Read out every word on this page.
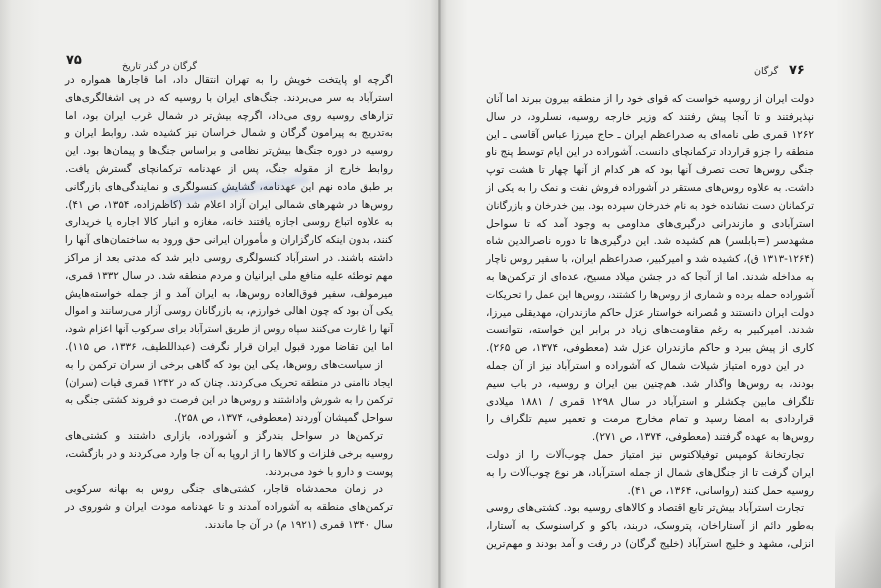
۷۵	گرگان در گذر تاریخ
اگرچه او پایتخت خویش را به تهران انتقال داد، اما قاجارها همواره در
استرآباد به سر می‌بردند. جنگ‌های ایران با روسیه که در پی اشغالگری‌های
تزارهای روسیه روی می‌داد، اگرچه بیش‌تر در شمال غرب ایران بود، اما
به‌تدریج به پیرامون گرگان و شمال خراسان نیز کشیده شد. روابط ایران و
روسیه در دوره جنگ‌ها بیش‌تر نظامی و براساس جنگ‌ها و پیمان‌ها بود. این
روابط خارج از مقوله جنگ، پس از عهدنامه ترکمانچای گسترش یافت.
بر طبق ماده نهم این عهدنامه، گشایش کنسولگری و نمایندگی‌های بازرگانی
روس‌ها در شهرهای شمالی ایران آزاد اعلام شد (کاظم‌زاده، ۱۳۵۴، ص ۴۱).
به علاوه اتباع روسی اجازه یافتند خانه، مغازه و انبار کالا اجاره یا خریداری
کنند، بدون اینکه کارگزاران و مأموران ایرانی حق ورود به ساختمان‌های آنها را
داشته باشند. در استرآباد کنسولگری روسی دایر شد که مدتی بعد از مراکز
مهم توطئه علیه منافع ملی ایرانیان و مردم منطقه شد. در سال ۱۳۳۲ قمری،
میرمولف، سفیر فوق‌العاده روس‌ها، به ایران آمد و از جمله خواسته‌هایش
یکی آن بود که چون اهالی خوارزم، به بازرگانان روسی آزار می‌رسانند و اموال
آنها را غارت می‌کنند سپاه روس از طریق استرآباد برای سرکوب آنها اعزام شود،
اما این تقاضا مورد قبول ایران قرار نگرفت (عبداللطیف، ۱۳۳۶، ص ۱۱۵).
از سیاست‌های روس‌ها، یکی این بود که گاهی برخی از سران ترکمن را به
ایجاد ناامنی در منطقه تحریک می‌کردند. چنان که در ۱۲۴۲ قمری قیات (سران)
ترکمن را به شورش واداشتند و روس‌ها در این فرصت دو فروند کشتی جنگی به
سواحل گمیشان آوردند (معطوفی، ۱۳۷۴، ص ۲۵۸).
ترکمن‌ها در سواحل بندرگز و آشوراده، بازاری داشتند و کشتی‌های
روسیه برخی فلزات و کالاها را از اروپا به آن جا وارد می‌کردند و در بازگشت،
پوست و دارو با خود می‌بردند.
در زمان محمدشاه قاجار، کشتی‌های جنگی روس به بهانه سرکوبی
ترکمن‌های منطقه به آشوراده آمدند و تا عهدنامه مودت ایران و شوروی در
سال ۱۳۴۰ قمری (۱۹۲۱ م) در آن جا ماندند.
۷۶
گرگان
دولت ایران از روسیه خواست که قوای خود را از منطقه بیرون ببرند اما آنان
نپذیرفتند و تا آنجا پیش رفتند که وزیر خارجه روسیه، نسلرود، در سال
۱۲۶۲ قمری طی نامه‌ای به صدراعظم ایران ـ حاج میرزا عباس آقاسی ـ این
منطقه را جزو قرارداد ترکمانچای دانست. آشوراده در این ایام توسط پنج ناو
جنگی روس‌ها تحت تصرف آنها بود که هر کدام از آنها چهار تا هشت توپ
داشت. به علاوه روس‌های مستقر در آشوراده فروش نفت و نمک را به یکی از
ترکمانان دست نشانده خود به نام خدرخان سپرده بود. بین خدرخان و بازرگانان
استرآبادی و مازندرانی درگیری‌های مداومی به وجود آمد که تا سواحل
مشهدسر (=بابلسر) هم کشیده شد. این درگیری‌ها تا دوره ناصرالدین شاه
(۱۳۱۳-۱۲۶۴ ق)، کشیده شد و امیرکبیر، صدراعظم ایران، با سفیر روس ناچار
به مداخله شدند. اما از آنجا که در جشن میلاد مسیح، عده‌ای از ترکمن‌ها به
آشوراده حمله برده و شماری از روس‌ها را کشتند، روس‌ها این عمل را تحریکات
دولت ایران دانستند و مُصرانه خواستار عزل حاکم مازندران، مهدیقلی میرزا،
شدند. امیرکبیر به رغم مقاومت‌های زیاد در برابر این خواسته، نتوانست
کاری از پیش ببرد و حاکم مازندران عزل شد (معطوفی، ۱۳۷۴، ص ۲۶۵).
در این دوره امتیاز شیلات شمال که آشوراده و استرآباد نیز از آن جمله
بودند، به روس‌ها واگذار شد. هم‌چنین بین ایران و روسیه، در باب سیم
تلگراف مابین چکشلر و استرآباد در سال ۱۲۹۸ قمری / ۱۸۸۱ میلادی
قراردادی به امضا رسید و تمام مخارج مرمت و تعمیر سیم تلگراف را
روس‌ها به عهده گرفتند (معطوفی، ۱۳۷۴، ص ۲۷۱).
تجارتخانهٔ کومپس توفیلاکتوس نیز امتیاز حمل چوب‌آلات را از دولت
ایران گرفت تا از جنگل‌های شمال از جمله استرآباد، هر نوع چوب‌آلات را به
روسیه حمل کنند (رواسانی، ۱۳۶۴، ص ۴۱).
تجارت استرآباد بیش‌تر تابع اقتصاد و کالاهای روسیه بود. کشتی‌های روسی
به‌طور دائم از آستاراخان، پتروسک، دربند، باکو و کراسنوسک به آستارا،
انزلی، مشهد و خلیج استرآباد (خلیج گرگان) در رفت و آمد بودند و مهم‌ترین
